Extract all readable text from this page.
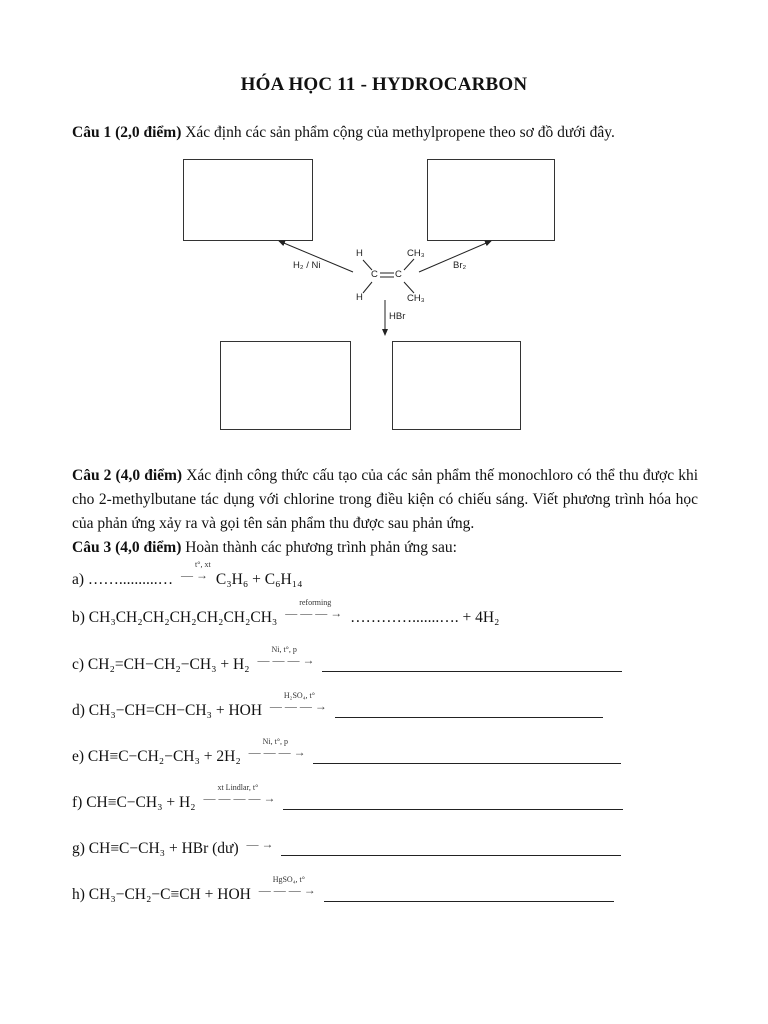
HÓA HỌC 11 - HYDROCARBON
Câu 1 (2,0 điểm) Xác định các sản phẩm cộng của methylpropene theo sơ đồ dưới đây.
H₂ / Ni	Br₂
HBr
H
H
C C
CH₃
CH₃
Câu 2 (4,0 điểm) Xác định công thức cấu tạo của các sản phẩm thế monochloro có thể thu được khi cho 2-methylbutane tác dụng với chlorine trong điều kiện có chiếu sáng. Viết phương trình hóa học của phản ứng xảy ra và gọi tên sản phẩm thu được sau phản ứng.
Câu 3 (4,0 điểm) Hoàn thành các phương trình phản ứng sau:
a) ……..........… — →
t°, xt
C₃H₆ + C₆H₁₄
b) CH₃CH₂CH₂CH₂CH₂CH₂CH₃ — — — →
reforming
………….......…. + 4H₂
c) CH₂=CH−CH₂−CH₃ + H₂ — — — →
Ni, t°, p

d) CH₃−CH=CH−CH₃ + HOH — — — →
H₂SO₄, t°

e) CH≡C−CH₂−CH₃ + 2H₂ — — — →
Ni, t°, p

f) CH≡C−CH₃ + H₂ — — — — →
xt Lindlar, t°

g) CH≡C−CH₃ + HBr (dư) — →

h) CH₃−CH₂−C≡CH + HOH — — — →
HgSO₄, t°
